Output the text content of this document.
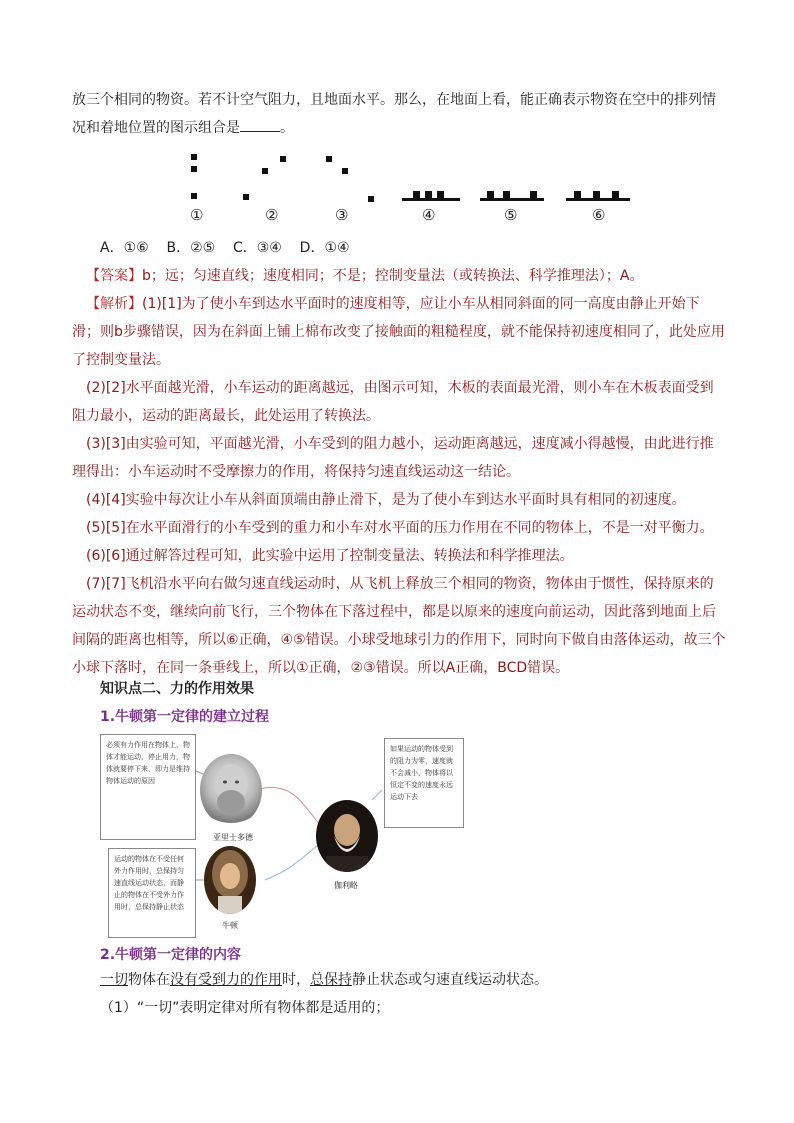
放三个相同的物资。若不计空气阻力，且地面水平。那么，在地面上看，能正确表示物资在空中的排列情
况和着地位置的图示组合是	。
①	②	③	④	⑤	⑥
A．①⑥    B．②⑤    C．③④    D．①④
【答案】b；远；匀速直线；速度相同；不是；控制变量法（或转换法、科学推理法）；A。
【解析】(1)[1]为了使小车到达水平面时的速度相等，应让小车从相同斜面的同一高度由静止开始下滑；则b步骤错误，因为在斜面上铺上棉布改变了接触面的粗糙程度，就不能保持初速度相同了，此处应用了控制变量法。
(2)[2]水平面越光滑，小车运动的距离越远，由图示可知，木板的表面最光滑，则小车在木板表面受到阻力最小，运动的距离最长，此处运用了转换法。
(3)[3]由实验可知，平面越光滑，小车受到的阻力越小，运动距离越远，速度减小得越慢，由此进行推理得出：小车运动时不受摩擦力的作用，将保持匀速直线运动这一结论。
(4)[4]实验中每次让小车从斜面顶端由静止滑下，是为了使小车到达水平面时具有相同的初速度。
(5)[5]在水平面滑行的小车受到的重力和小车对水平面的压力作用在不同的物体上，不是一对平衡力。
(6)[6]通过解答过程可知，此实验中运用了控制变量法、转换法和科学推理法。
(7)[7]飞机沿水平向右做匀速直线运动时，从飞机上释放三个相同的物资，物体由于惯性，保持原来的运动状态不变，继续向前飞行，三个物体在下落过程中，都是以原来的速度向前运动，因此落到地面上后间隔的距离也相等，所以⑥正确，④⑤错误。小球受地球引力的作用下，同时向下做自由落体运动，故三个小球下落时，在同一条垂线上，所以①正确，②③错误。所以A正确，BCD错误。
知识点二、力的作用效果
1.牛顿第一定律的建立过程
必须有力作用在物体上，物体才能运动，停止用力，物体就要停下来，即力是维持物体运动的原因
亚里士多德
如果运动的物体受到的阻力为零，速度就不会减小，物体将以恒定不变的速度永远运动下去
伽利略
运动的物体在不受任何外力作用时，总保持匀速直线运动状态，而静止的物体在不受外力作用时，总保持静止状态
牛顿
2.牛顿第一定律的内容
一切物体在没有受到力的作用时，总保持静止状态或匀速直线运动状态。
（1）“一切”表明定律对所有物体都是适用的；
